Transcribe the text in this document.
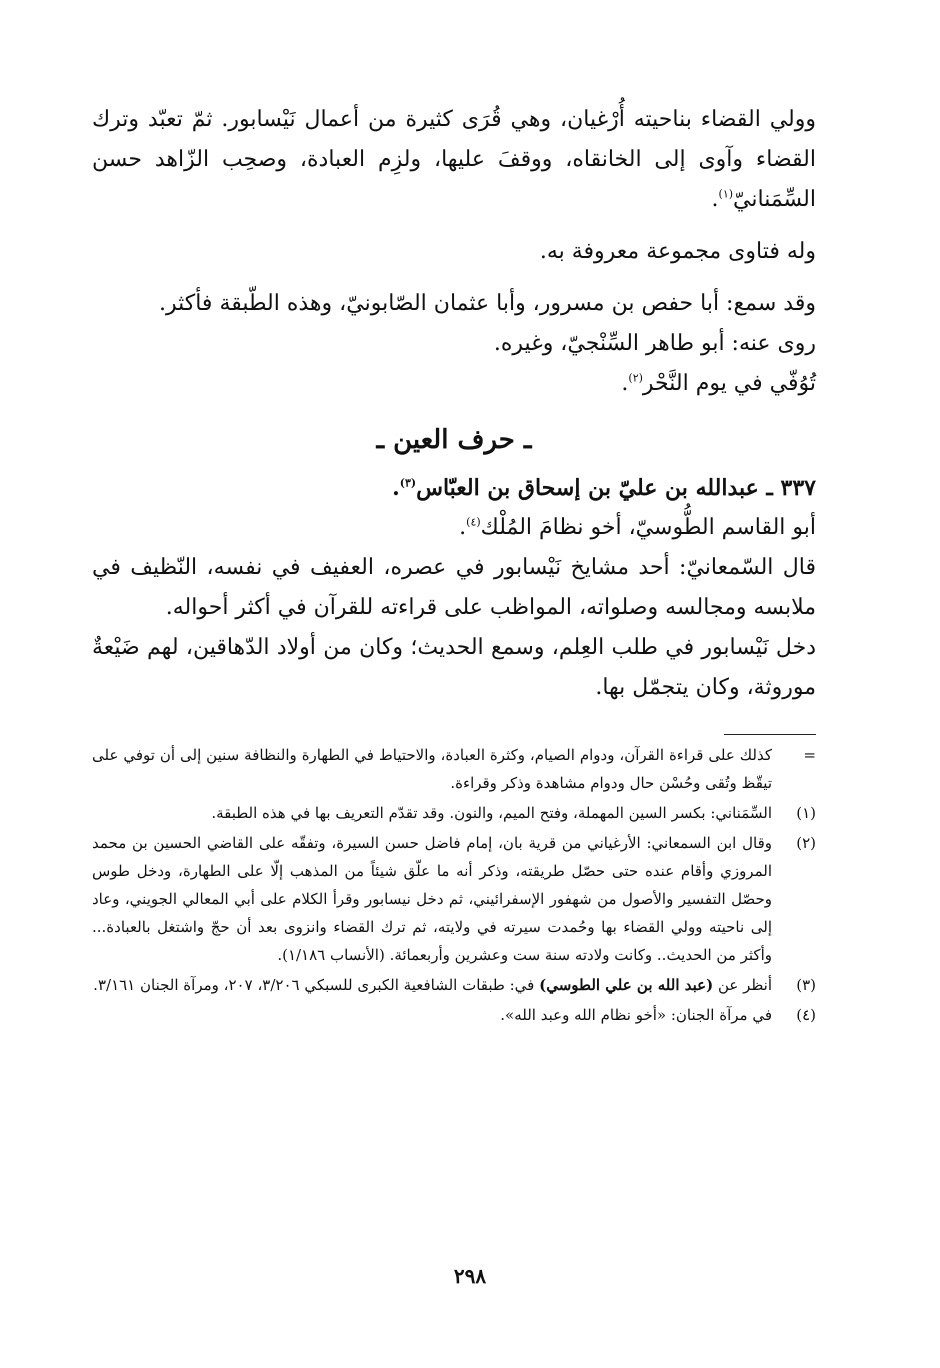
وولي القضاء بناحيته أُرْغيان، وهي قُرَى كثيرة من أعمال نَيْسابور. ثمّ تعبّد وترك القضاء وآوى إلى الخانقاه، ووقفَ عليها، ولزِم العبادة، وصحِب الزّاهد حسن السِّمَنانيّ$^{(١)}$.

وله فتاوى مجموعة معروفة به.

وقد سمع: أبا حفص بن مسرور، وأبا عثمان الصّابونيّ، وهذه الطّبقة فأكثر.

روى عنه: أبو طاهر السِّنْجيّ، وغيره.

تُوُفّي في يوم النَّحْر$^{(٢)}$.

ـ حرف العين ـ

٣٣٧ ـ عبدالله بن عليّ بن إسحاق بن العبّاس$^{(٣)}$.

أبو القاسم الطُّوسيّ، أخو نظامَ المُلْك$^{(٤)}$.

قال السّمعانيّ: أحد مشايخ نَيْسابور في عصره، العفيف في نفسه، النّظيف في ملابسه ومجالسه وصلواته، المواظب على قراءته للقرآن في أكثر أحواله.

دخل نَيْسابور في طلب العِلم، وسمع الحديث؛ وكان من أولاد الدّهاقين، لهم ضَيْعةٌ موروثة، وكان يتجمّل بها.

=
كذلك على قراءة القرآن، ودوام الصيام، وكثرة العبادة، والاحتياط في الطهارة والنظافة سنين إلى أن توفي على تيقّظ وتُقى وحُسْن حال ودوام مشاهدة وذكر وقراءة.
(١)
السِّمَناني: بكسر السين المهملة، وفتح الميم، والنون. وقد تقدّم التعريف بها في هذه الطبقة.
(٢)
وقال ابن السمعاني: الأرغياني من قرية بان، إمام فاضل حسن السيرة، وتفقّه على القاضي الحسين بن محمد المروزي وأقام عنده حتى حصّل طريقته، وذكر أنه ما علّق شيئاً من المذهب إلّا على الطهارة، ودخل طوس وحصّل التفسير والأصول من شهفور الإسفرائيني، ثم دخل نيسابور وقرأ الكلام على أبي المعالي الجويني، وعاد إلى ناحيته وولي القضاء بها وحُمدت سيرته في ولايته، ثم ترك القضاء وانزوى بعد أن حجّ واشتغل بالعبادة... وأكثر من الحديث.. وكانت ولادته سنة ست وعشرين وأربعمائة. (الأنساب ١/١٨٦).
(٣)
أنظر عن (عبد الله بن علي الطوسي) في: طبقات الشافعية الكبرى للسبكي ٣/٢٠٦، ٢٠٧، ومرآة الجنان ٣/١٦١.
(٤)
في مرآة الجنان: «أخو نظام الله وعبد الله».
٢٩٨
